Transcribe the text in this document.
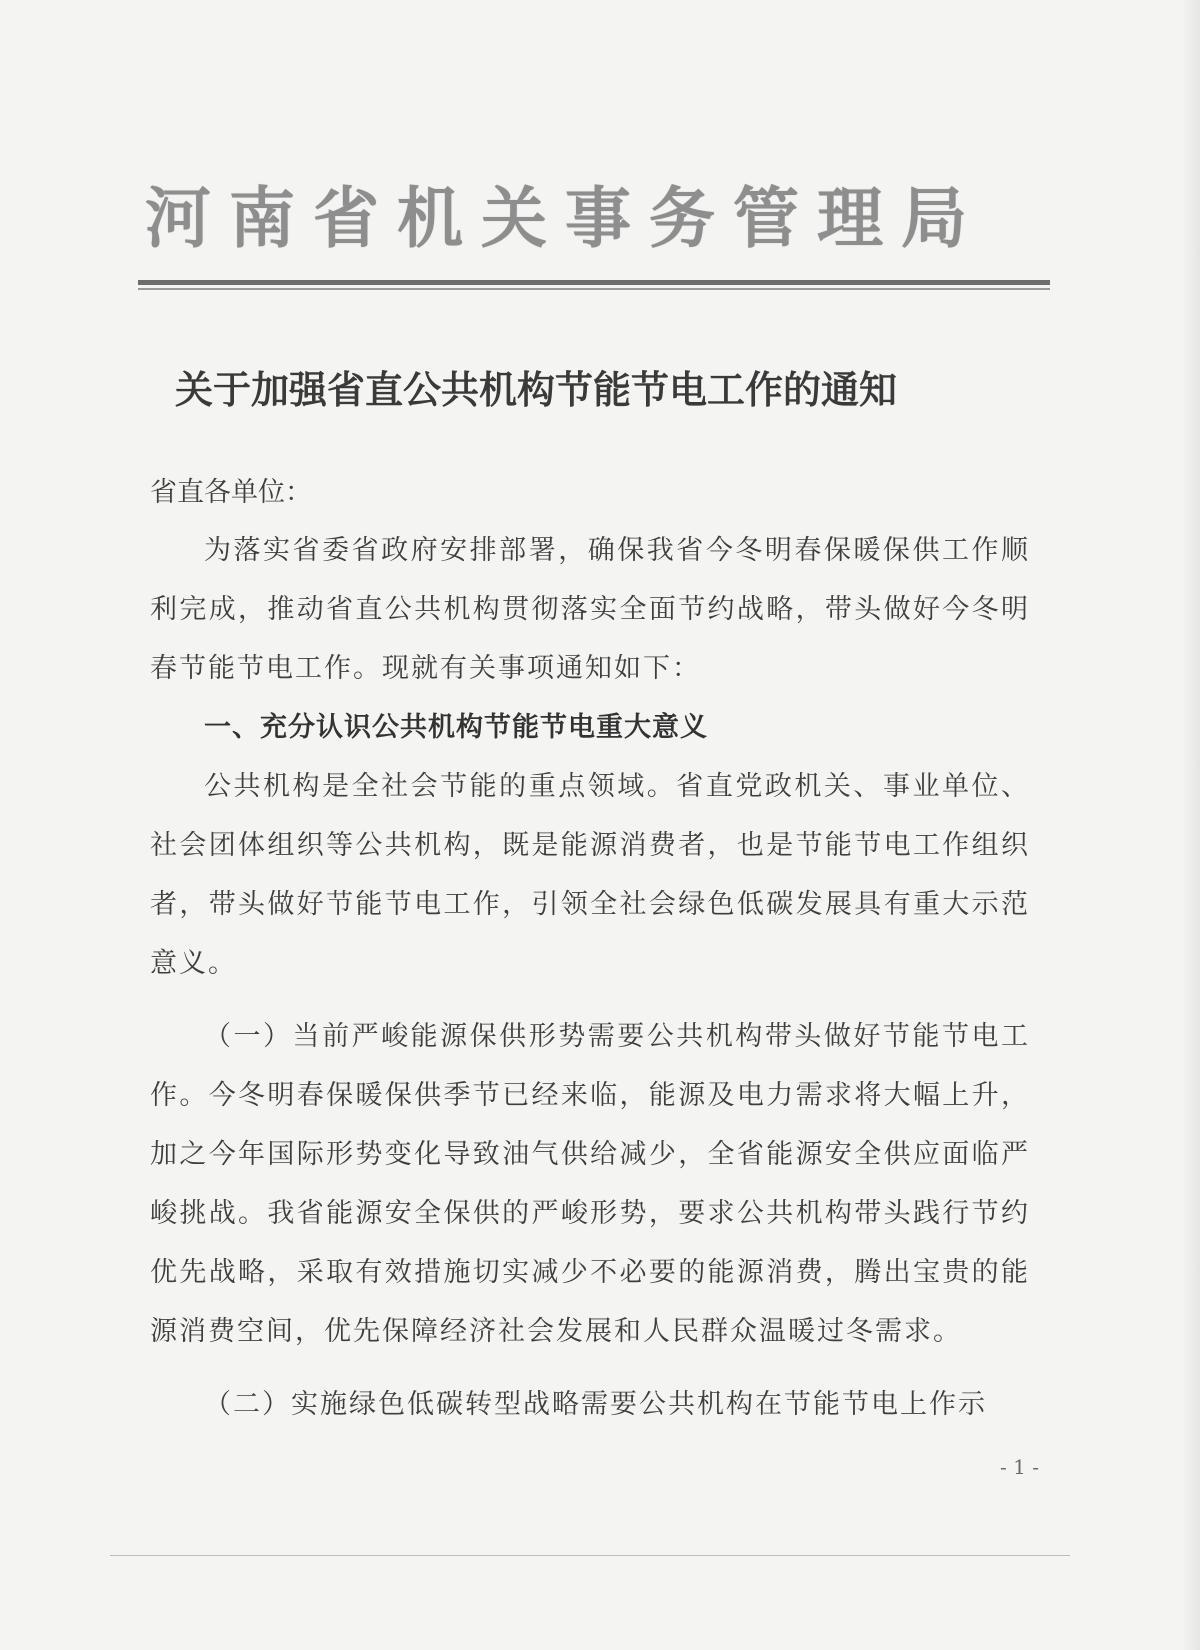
河南省机关事务管理局
关于加强省直公共机构节能节电工作的通知

省直各单位：

为落实省委省政府安排部署，确保我省今冬明春保暖保供工作顺利完成，推动省直公共机构贯彻落实全面节约战略，带头做好今冬明春节能节电工作。现就有关事项通知如下：

一、充分认识公共机构节能节电重大意义

公共机构是全社会节能的重点领域。省直党政机关、事业单位、社会团体组织等公共机构，既是能源消费者，也是节能节电工作组织者，带头做好节能节电工作，引领全社会绿色低碳发展具有重大示范意义。

（一）当前严峻能源保供形势需要公共机构带头做好节能节电工作。今冬明春保暖保供季节已经来临，能源及电力需求将大幅上升，加之今年国际形势变化导致油气供给减少，全省能源安全供应面临严峻挑战。我省能源安全保供的严峻形势，要求公共机构带头践行节约优先战略，采取有效措施切实减少不必要的能源消费，腾出宝贵的能源消费空间，优先保障经济社会发展和人民群众温暖过冬需求。

（二）实施绿色低碳转型战略需要公共机构在节能节电上作示

- 1 -
